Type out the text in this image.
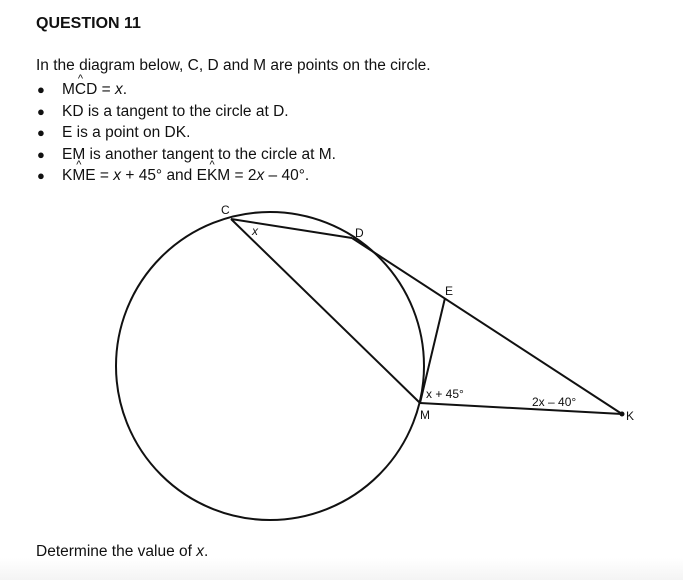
QUESTION 11
In the diagram below, C, D and M are points on the circle.
● M^ CD = x.
● KD is a tangent to the circle at D.
● E is a point on DK.
● EM is another tangent to the circle at M.
● K^ ME = x + 45° and E^ KM = 2x – 40°.
C
D
E
M	K
x
x + 45°
2x – 40°
Determine the value of x.
